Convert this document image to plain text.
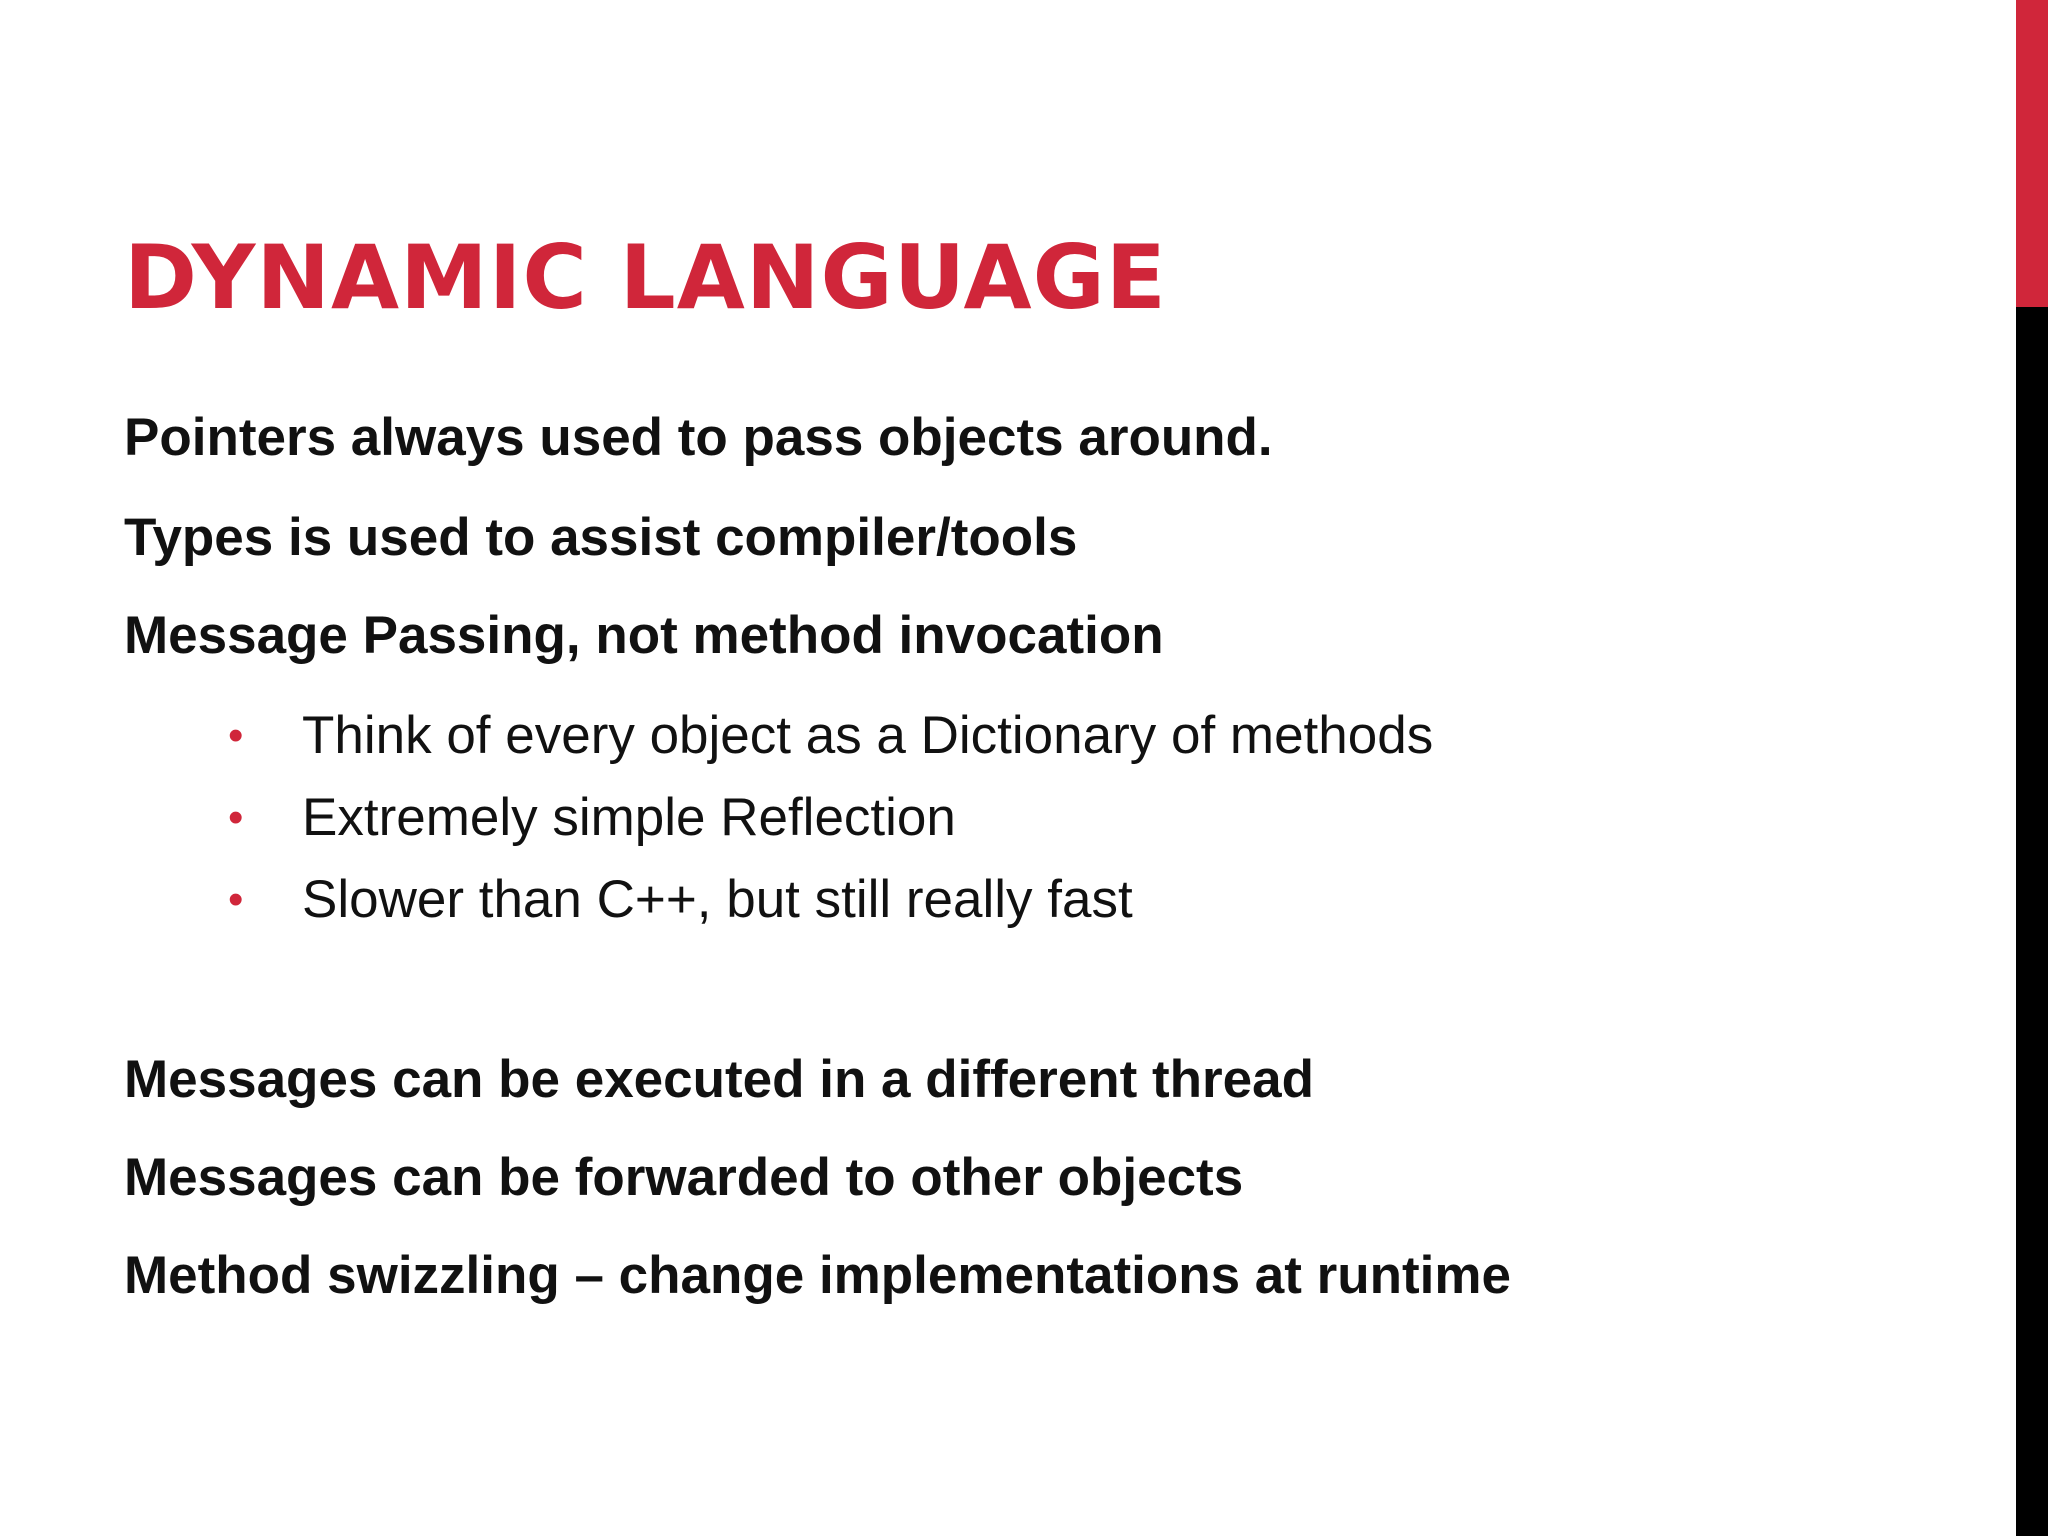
DYNAMIC LANGUAGE

Pointers always used to pass objects around.

Types is used to assist compiler/tools

Message Passing, not method invocation

•	Think of every object as a Dictionary of methods
•	Extremely simple Reflection
•	Slower than C++, but still really fast

Messages can be executed in a different thread

Messages can be forwarded to other objects

Method swizzling – change implementations at runtime
